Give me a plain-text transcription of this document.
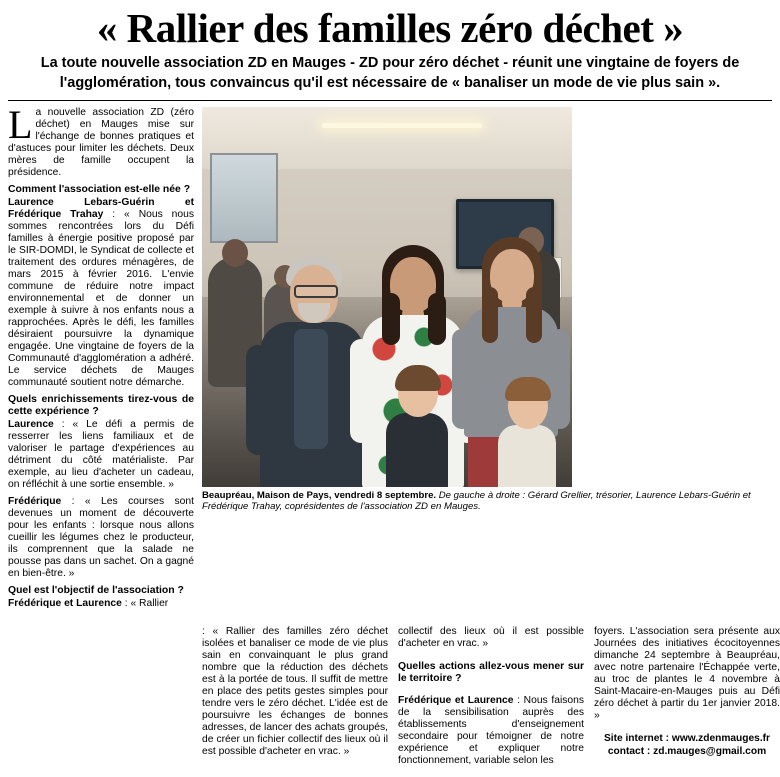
« Rallier des familles zéro déchet »
La toute nouvelle association ZD en Mauges - ZD pour zéro déchet - réunit une vingtaine de foyers de l'agglomération, tous convaincus qu'il est nécessaire de « banaliser un mode de vie plus sain ».

La nouvelle association ZD (zéro déchet) en Mauges mise sur l'échange de bonnes pratiques et d'astuces pour limiter les déchets. Deux mères de famille occupent la présidence.

Comment l'association est-elle née ?

Laurence Lebars-Guérin et Frédérique Trahay : « Nous nous sommes rencontrées lors du Défi familles à énergie positive proposé par le SIR-DOMDI, le Syndicat de collecte et traitement des ordures ménagères, de mars 2015 à février 2016. L'envie commune de réduire notre impact environnemental et de donner un exemple à suivre à nos enfants nous a rapprochées. Après le défi, les familles désiraient poursuivre la dynamique engagée. Une vingtaine de foyers de la Communauté d'agglomération a adhéré. Le service déchets de Mauges communauté soutient notre démarche.

Quels enrichissements tirez-vous de cette expérience ?

Laurence : « Le défi a permis de resserrer les liens familiaux et de valoriser le partage d'expériences au détriment du côté matérialiste. Par exemple, au lieu d'acheter un cadeau, on réfléchit à une sortie ensemble. »

Frédérique : « Les courses sont devenues un moment de découverte pour les enfants : lorsque nous allons cueillir les légumes chez le producteur, ils comprennent que la salade ne pousse pas dans un sachet. On a gagné en bien-être. »

Quel est l'objectif de l'association ?

Frédérique et Laurence : « Rallier

Beaupréau, Maison de Pays, vendredi 8 septembre. De gauche à droite : Gérard Grellier, trésorier, Laurence Lebars-Guérin et Frédérique Trahay, coprésidentes de l'association ZD en Mauges.

: « Rallier des familles zéro déchet isolées et banaliser ce mode de vie plus sain en convainquant le plus grand nombre que la réduction des déchets est à la portée de tous. Il suffit de mettre en place des petits gestes simples pour tendre vers le zéro déchet. L'idée est de poursuivre les échanges de bonnes adresses, de lancer des achats groupés, de créer un fichier collectif des lieux où il est possible d'acheter en vrac. »

collectif des lieux où il est possible d'acheter en vrac. »

Quelles actions allez-vous mener sur le territoire ?

Frédérique et Laurence : Nous faisons de la sensibilisation auprès des établissements d'enseignement secondaire pour témoigner de notre expérience et expliquer notre fonctionnement, variable selon les

foyers. L'association sera présente aux Journées des initiatives écocitoyennes dimanche 24 septembre à Beaupréau, avec notre partenaire l'Échappée verte, au troc de plantes le 4 novembre à Saint-Macaire-en-Mauges puis au Défi zéro déchet à partir du 1er janvier 2018. »

Site internet : www.zdenmauges.fr
contact : zd.mauges@gmail.com
